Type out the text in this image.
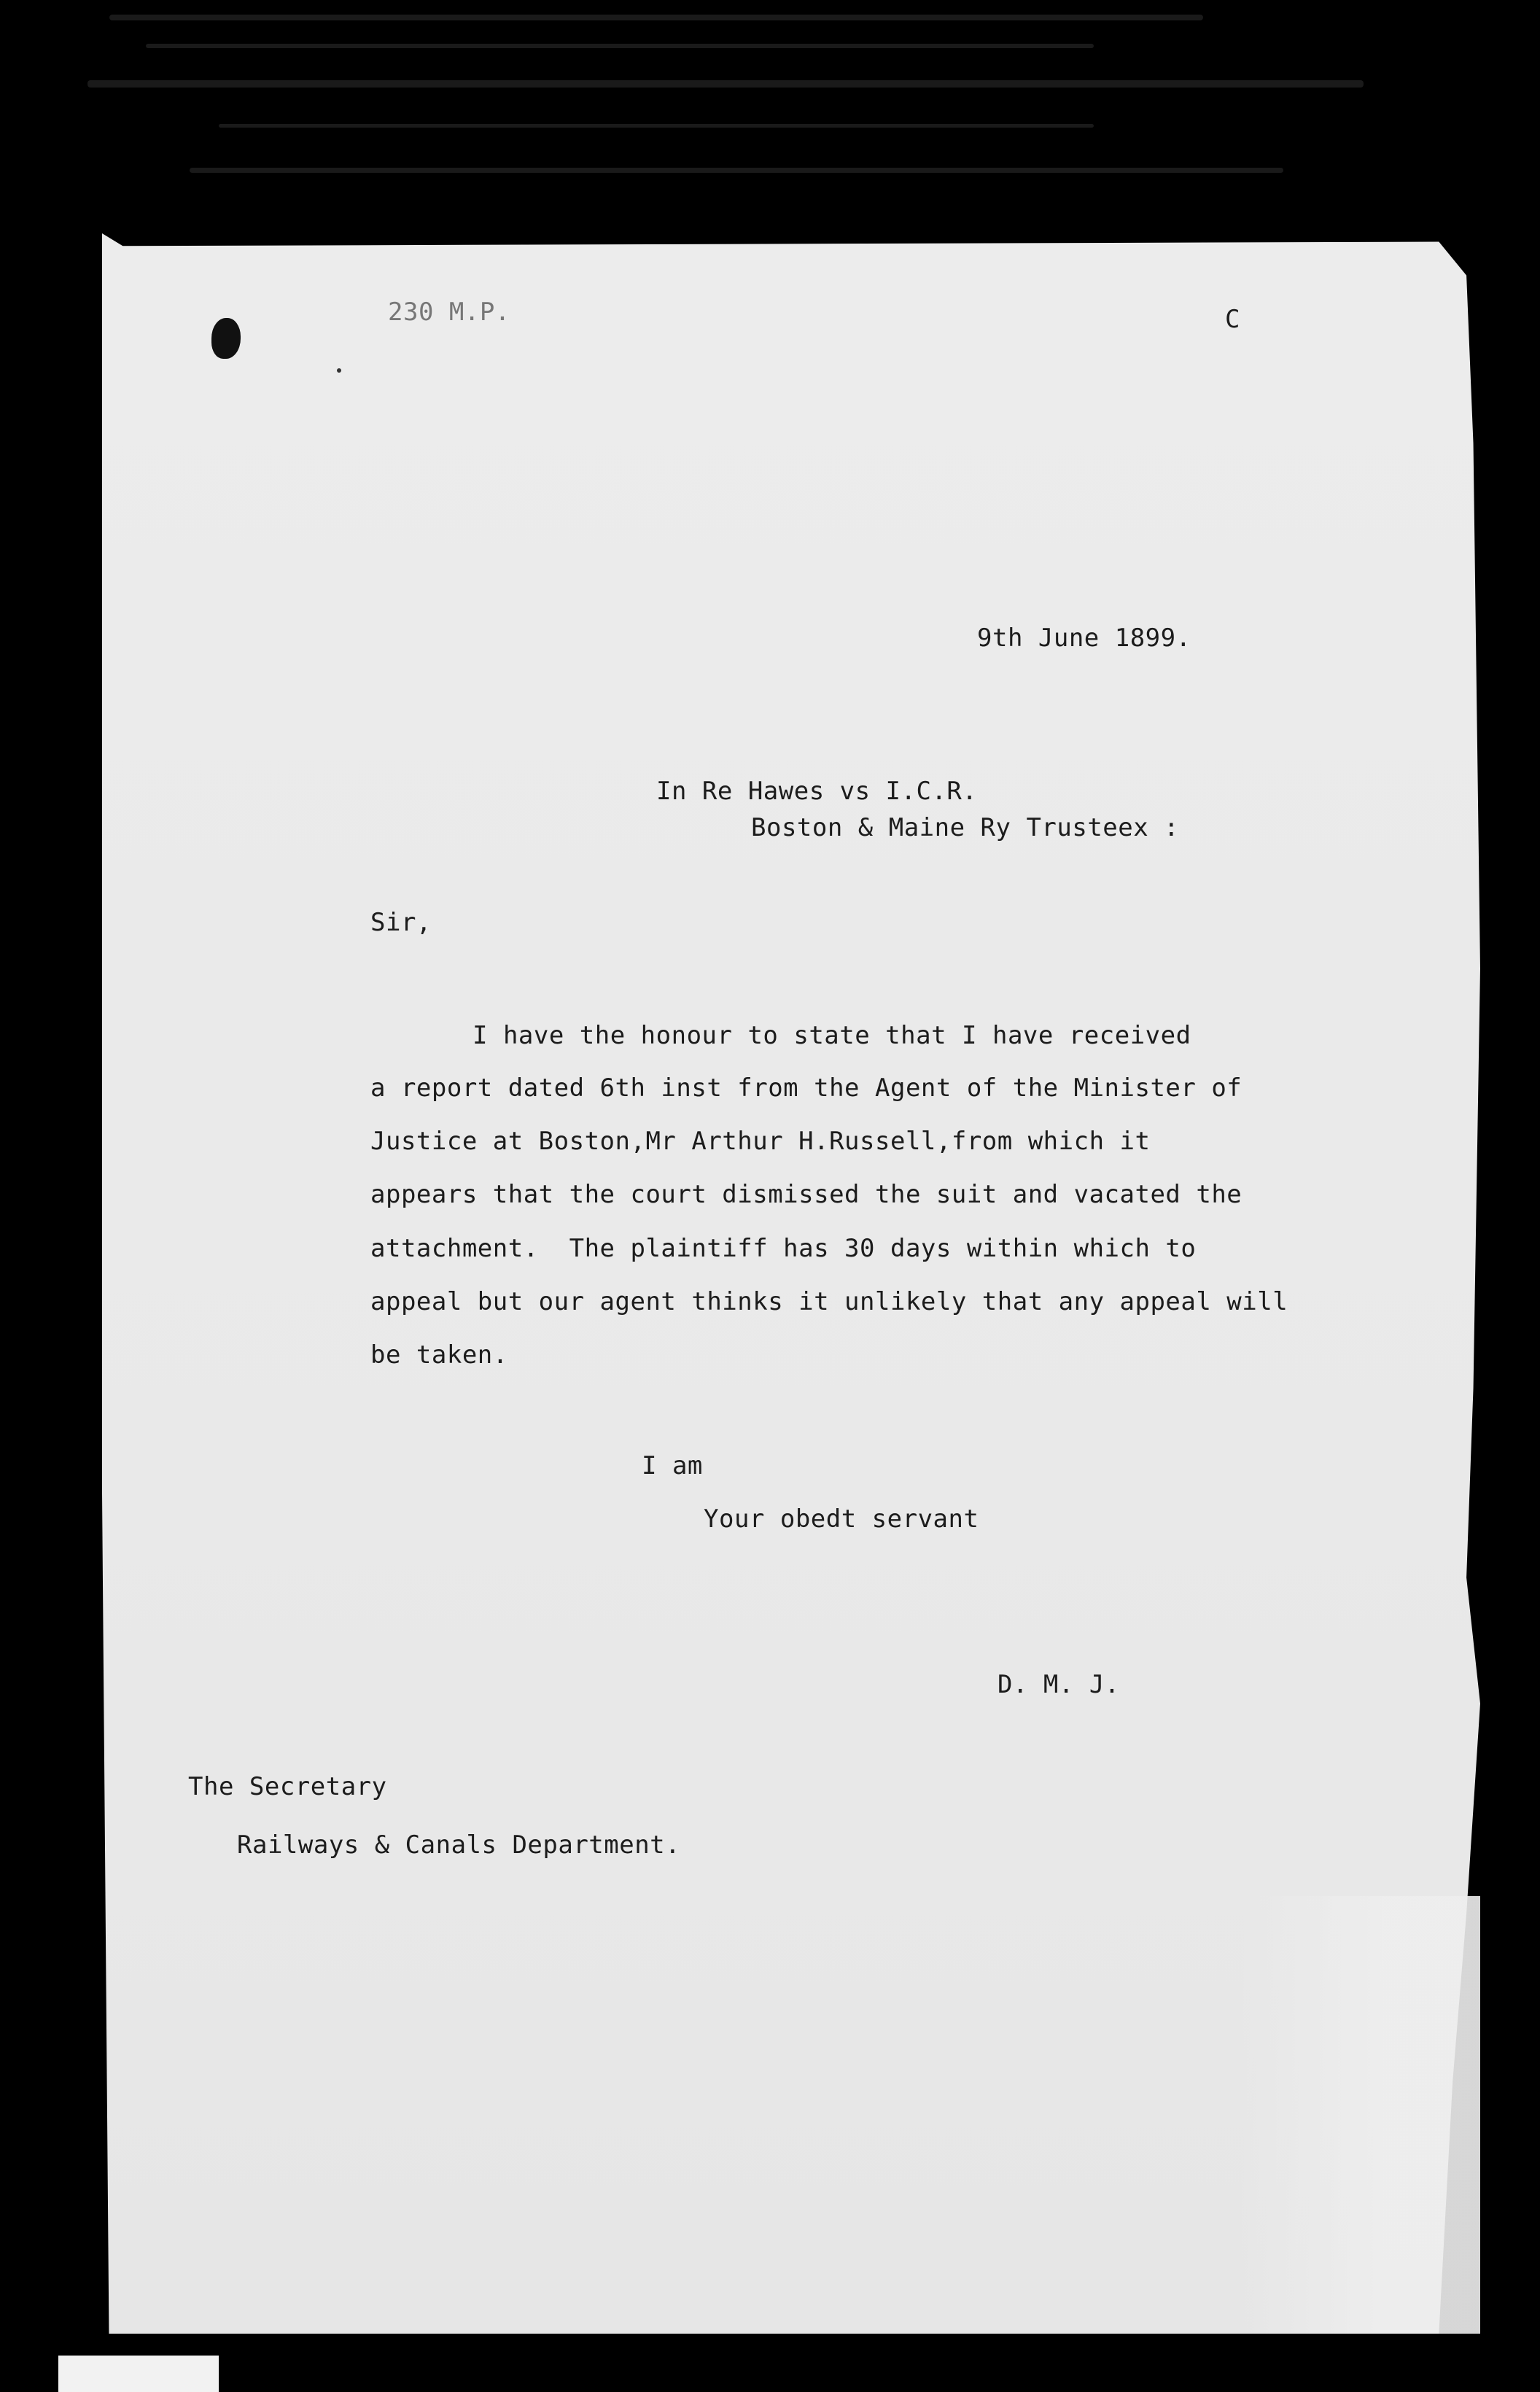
230 M.P.	C
9th June 1899.
In Re Hawes vs I.C.R.
Boston & Maine Ry Trusteex :
Sir,
I have the honour to state that I have received
a report dated 6th inst from the Agent of the Minister of
Justice at Boston,Mr Arthur H.Russell,from which it
appears that the court dismissed the suit and vacated the
attachment.  The plaintiff has 30 days within which to
appeal but our agent thinks it unlikely that any appeal will
be taken.
I am
Your obedt servant
D. M. J.
The Secretary
Railways & Canals Department.
